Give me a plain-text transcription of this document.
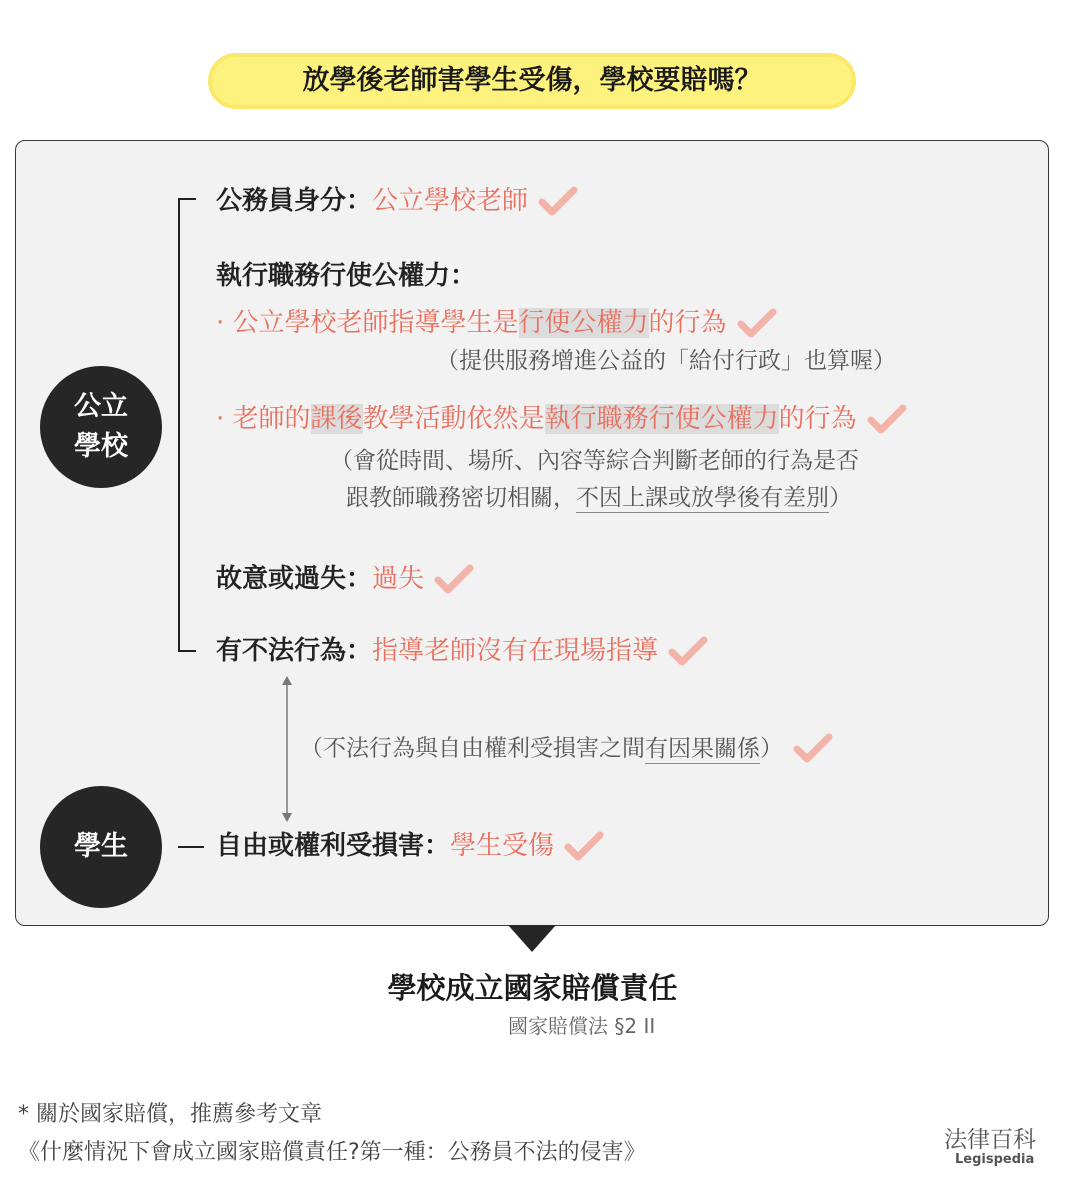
放學後老師害學生受傷，學校要賠嗎？
公立
學校
學生
公務員身分：公立學校老師
執行職務行使公權力：
· 公立學校老師指導學生是行使公權力的行為
（提供服務增進公益的「給付行政」也算喔）
· 老師的課後教學活動依然是執行職務行使公權力的行為
（會從時間、場所、內容等綜合判斷老師的行為是否
跟教師職務密切相關，不因上課或放學後有差別）
故意或過失：過失
有不法行為：指導老師沒有在現場指導
（不法行為與自由權利受損害之間有因果關係）
自由或權利受損害：學生受傷
學校成立國家賠償責任
國家賠償法 §2 II
* 關於國家賠償，推薦參考文章
《什麼情況下會成立國家賠償責任?第一種：公務員不法的侵害》	法律百科
Legispedia
